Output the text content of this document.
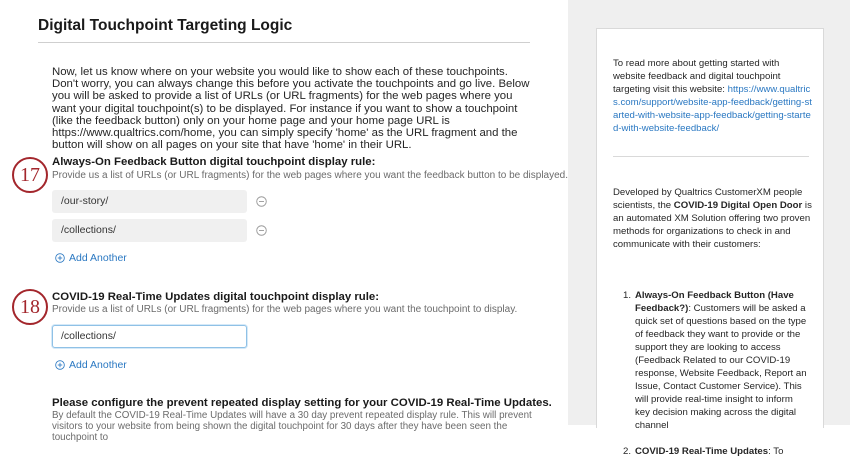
Digital Touchpoint Targeting Logic
Now, let us know where on your website you would like to show each of these touchpoints. Don't worry, you can always change this before you activate the touchpoints and go live. Below you will be asked to provide a list of URLs (or URL fragments) for the web pages where you want your digital touchpoint(s) to be displayed. For instance if you want to show a touchpoint (like the feedback button) only on your home page and your home page URL is https://www.qualtrics.com/home, you can simply specify 'home' as the URL fragment and the button will show on all pages on your site that have 'home' in their URL.
17
Always-On Feedback Button digital touchpoint display rule:
Provide us a list of URLs (or URL fragments) for the web pages where you want the feedback button to be displayed.
/our-story/
/collections/
Add Another
18	COVID-19 Real-Time Updates digital touchpoint display rule:
Provide us a list of URLs (or URL fragments) for the web pages where you want the touchpoint to display.
/collections/
Add Another
Please configure the prevent repeated display setting for your COVID-19 Real-Time Updates.
By default the COVID-19 Real-Time Updates will have a 30 day prevent repeated display rule. This will prevent visitors to your website from being shown the digital touchpoint for 30 days after they have been seen the touchpoint to
To read more about getting started with website feedback and digital touchpoint targeting visit this website: https://www.qualtrics.com/support/website-app-feedback/getting-started-with-website-app-feedback/getting-started-with-website-feedback/
Developed by Qualtrics CustomerXM people scientists, the COVID-19 Digital Open Door is an automated XM Solution offering two proven methods for organizations to check in and communicate with their customers:
1. Always-On Feedback Button (Have Feedback?): Customers will be asked a quick set of questions based on the type of feedback they want to provide or the support they are looking to access (Feedback Related to our COVID-19 response, Website Feedback, Report an Issue, Contact Customer Service). This will provide real-time insight to inform key decision making across the digital channel
2. COVID-19 Real-Time Updates: To
